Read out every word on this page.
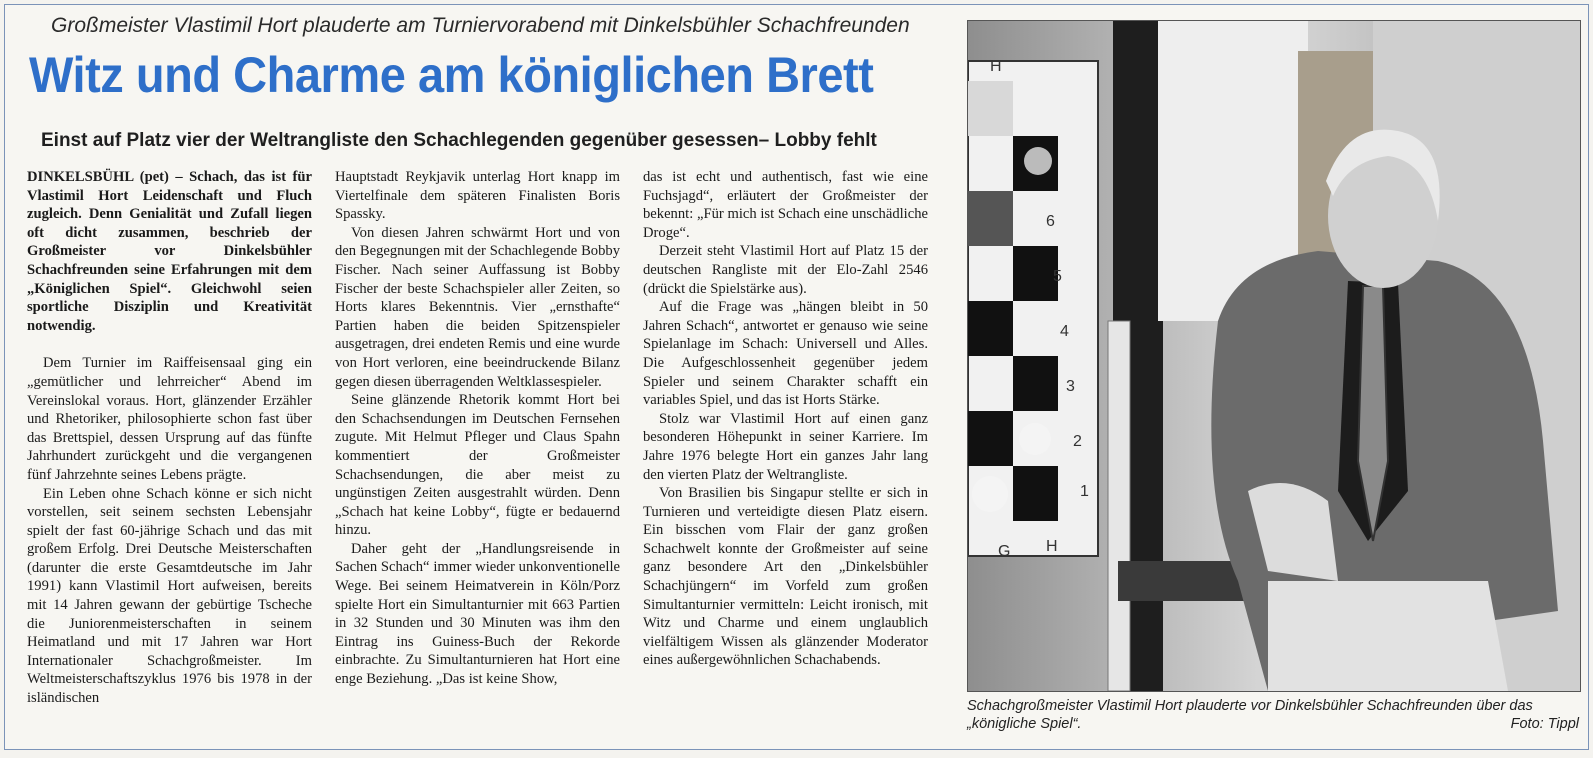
Großmeister Vlastimil Hort plauderte am Turniervorabend mit Dinkelsbühler Schachfreunden
Witz und Charme am königlichen Brett
Einst auf Platz vier der Weltrangliste den Schachlegenden gegenüber gesessen– Lobby fehlt

DINKELSBÜHL (pet) – Schach, das ist für Vlastimil Hort Leidenschaft und Fluch zugleich. Denn Genialität und Zufall liegen oft dicht zusammen, beschrieb der Großmeister vor Dinkelsbühler Schachfreunden seine Erfahrungen mit dem „Königlichen Spiel“. Gleichwohl seien sportliche Disziplin und Kreativität notwendig.

Dem Turnier im Raiffeisensaal ging ein „gemütlicher und lehrreicher“ Abend im Vereinslokal voraus. Hort, glänzender Erzähler und Rhetoriker, philosophierte schon fast über das Brettspiel, dessen Ursprung auf das fünfte Jahrhundert zurückgeht und die vergangenen fünf Jahrzehnte seines Lebens prägte.

Ein Leben ohne Schach könne er sich nicht vorstellen, seit seinem sechsten Lebensjahr spielt der fast 60-jährige Schach und das mit großem Erfolg. Drei Deutsche Meisterschaften (darunter die erste Gesamtdeutsche im Jahr 1991) kann Vlastimil Hort aufweisen, bereits mit 14 Jahren gewann der gebürtige Tscheche die Juniorenmeisterschaften in seinem Heimatland und mit 17 Jahren war Hort Internationaler Schachgroßmeister. Im Weltmeisterschaftszyklus 1976 bis 1978 in der isländischen

Hauptstadt Reykjavik unterlag Hort knapp im Viertelfinale dem späteren Finalisten Boris Spassky.

Von diesen Jahren schwärmt Hort und von den Begegnungen mit der Schachlegende Bobby Fischer. Nach seiner Auffassung ist Bobby Fischer der beste Schachspieler aller Zeiten, so Horts klares Bekenntnis. Vier „ernsthafte“ Partien haben die beiden Spitzenspieler ausgetragen, drei endeten Remis und eine wurde von Hort verloren, eine beeindruckende Bilanz gegen diesen überragenden Weltklassespieler.

Seine glänzende Rhetorik kommt Hort bei den Schachsendungen im Deutschen Fernsehen zugute. Mit Helmut Pfleger und Claus Spahn kommentiert der Großmeister Schachsendungen, die aber meist zu ungünstigen Zeiten ausgestrahlt würden. Denn „Schach hat keine Lobby“, fügte er bedauernd hinzu.

Daher geht der „Handlungsreisende in Sachen Schach“ immer wieder unkonventionelle Wege. Bei seinem Heimatverein in Köln/Porz spielte Hort ein Simultanturnier mit 663 Partien in 32 Stunden und 30 Minuten was ihm den Eintrag ins Guiness-Buch der Rekorde einbrachte. Zu Simultanturnieren hat Hort eine enge Beziehung. „Das ist keine Show,

das ist echt und authentisch, fast wie eine Fuchsjagd“, erläutert der Großmeister der bekennt: „Für mich ist Schach eine unschädliche Droge“.

Derzeit steht Vlastimil Hort auf Platz 15 der deutschen Rangliste mit der Elo-Zahl 2546 (drückt die Spielstärke aus).

Auf die Frage was „hängen bleibt in 50 Jahren Schach“, antwortet er genauso wie seine Spielanlage im Schach: Universell und Alles. Die Aufgeschlossenheit gegenüber jedem Spieler und seinem Charakter schafft ein variables Spiel, und das ist Horts Stärke.

Stolz war Vlastimil Hort auf einen ganz besonderen Höhepunkt in seiner Karriere. Im Jahre 1976 belegte Hort ein ganzes Jahr lang den vierten Platz der Weltrangliste.

Von Brasilien bis Singapur stellte er sich in Turnieren und verteidigte diesen Platz eisern. Ein bisschen vom Flair der ganz großen Schachwelt konnte der Großmeister auf seine ganz besondere Art den „Dinkelsbühler Schachjüngern“ im Vorfeld zum großen Simultanturnier vermitteln: Leicht ironisch, mit Witz und Charme und einem unglaublich vielfältigem Wissen als glänzender Moderator eines außergewöhnlichen Schachabends.

H
1
2
3
4
5
6
G H
Schachgroßmeister Vlastimil Hort plauderte vor Dinkelsbühler Schachfreunden über das „königliche Spiel“.	Foto: Tippl
